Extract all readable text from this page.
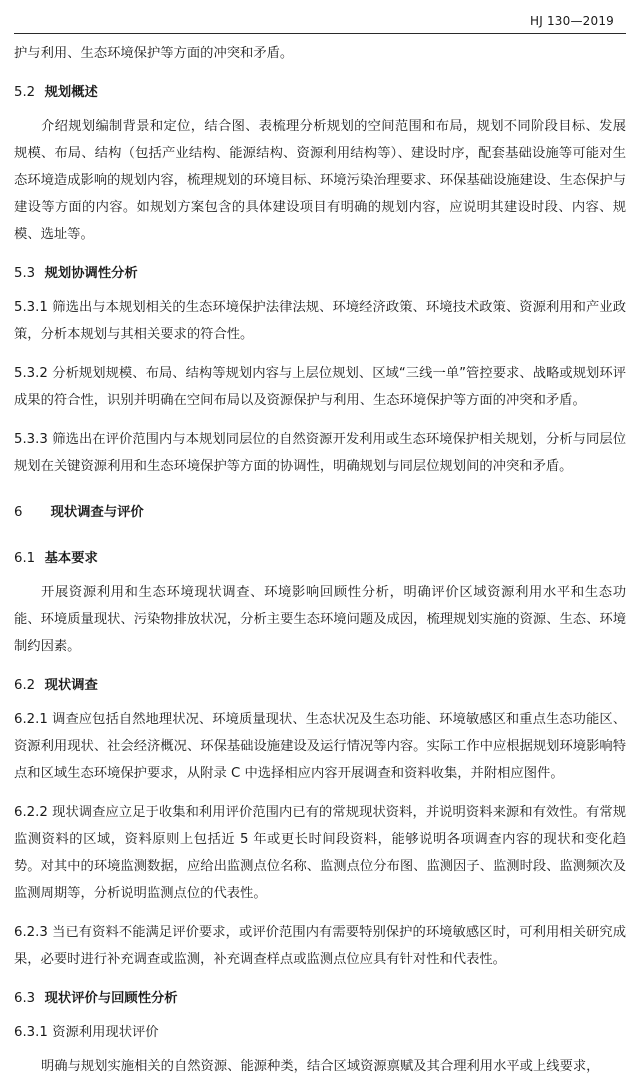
HJ 130—2019

护与利用、生态环境保护等方面的冲突和矛盾。

5.2 规划概述

介绍规划编制背景和定位，结合图、表梳理分析规划的空间范围和布局，规划不同阶段目标、发展规模、布局、结构（包括产业结构、能源结构、资源利用结构等）、建设时序，配套基础设施等可能对生态环境造成影响的规划内容，梳理规划的环境目标、环境污染治理要求、环保基础设施建设、生态保护与建设等方面的内容。如规划方案包含的具体建设项目有明确的规划内容，应说明其建设时段、内容、规模、选址等。

5.3 规划协调性分析

5.3.1 筛选出与本规划相关的生态环境保护法律法规、环境经济政策、环境技术政策、资源利用和产业政策，分析本规划与其相关要求的符合性。

5.3.2 分析规划规模、布局、结构等规划内容与上层位规划、区域“三线一单”管控要求、战略或规划环评成果的符合性，识别并明确在空间布局以及资源保护与利用、生态环境保护等方面的冲突和矛盾。

5.3.3 筛选出在评价范围内与本规划同层位的自然资源开发利用或生态环境保护相关规划，分析与同层位规划在关键资源利用和生态环境保护等方面的协调性，明确规划与同层位规划间的冲突和矛盾。

6 现状调查与评价

6.1 基本要求

开展资源利用和生态环境现状调查、环境影响回顾性分析，明确评价区域资源利用水平和生态功能、环境质量现状、污染物排放状况，分析主要生态环境问题及成因，梳理规划实施的资源、生态、环境制约因素。

6.2 现状调查

6.2.1 调查应包括自然地理状况、环境质量现状、生态状况及生态功能、环境敏感区和重点生态功能区、资源利用现状、社会经济概况、环保基础设施建设及运行情况等内容。实际工作中应根据规划环境影响特点和区域生态环境保护要求，从附录 C 中选择相应内容开展调查和资料收集，并附相应图件。

6.2.2 现状调查应立足于收集和利用评价范围内已有的常规现状资料，并说明资料来源和有效性。有常规监测资料的区域，资料原则上包括近 5 年或更长时间段资料，能够说明各项调查内容的现状和变化趋势。对其中的环境监测数据，应给出监测点位名称、监测点位分布图、监测因子、监测时段、监测频次及监测周期等，分析说明监测点位的代表性。

6.2.3 当已有资料不能满足评价要求，或评价范围内有需要特别保护的环境敏感区时，可利用相关研究成果，必要时进行补充调查或监测，补充调查样点或监测点位应具有针对性和代表性。

6.3 现状评价与回顾性分析

6.3.1 资源利用现状评价

明确与规划实施相关的自然资源、能源种类，结合区域资源禀赋及其合理利用水平或上线要求，
